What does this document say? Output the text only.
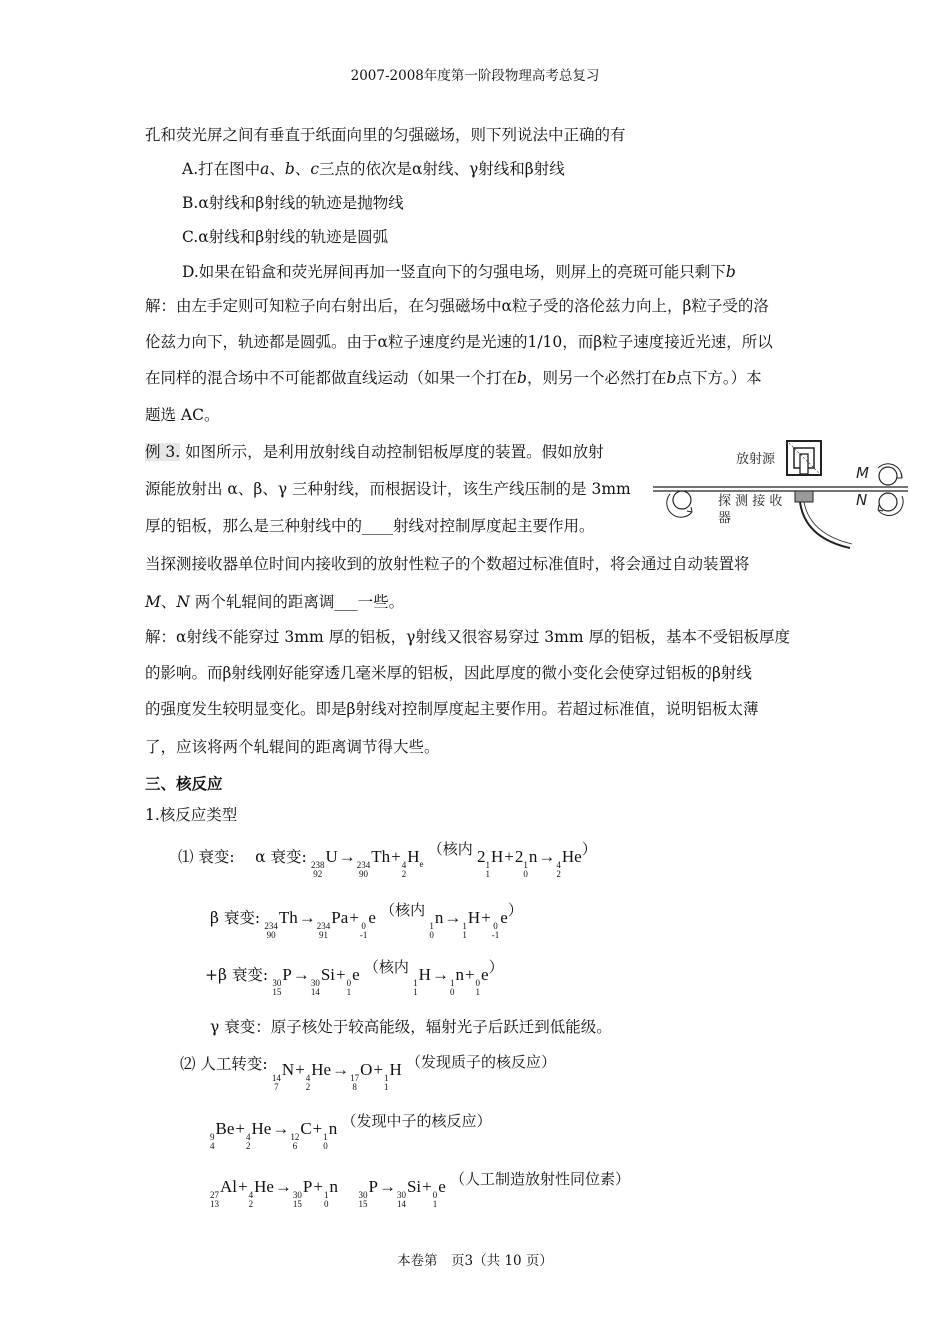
2007-2008年度第一阶段物理高考总复习
孔和荧光屏之间有垂直于纸面向里的匀强磁场，则下列说法中正确的有
A.打在图中a、b、c三点的依次是α射线、γ射线和β射线
B.α射线和β射线的轨迹是抛物线
C.α射线和β射线的轨迹是圆弧
D.如果在铅盒和荧光屏间再加一竖直向下的匀强电场，则屏上的亮斑可能只剩下b
解：由左手定则可知粒子向右射出后，在匀强磁场中α粒子受的洛伦兹力向上，β粒子受的洛
伦兹力向下，轨迹都是圆弧。由于α粒子速度约是光速的1/10，而β粒子速度接近光速，所以
在同样的混合场中不可能都做直线运动（如果一个打在b，则另一个必然打在b点下方。）本
题选 AC。
例 3. 如图所示，是利用放射线自动控制铝板厚度的装置。假如放射
源能放射出 α、β、γ 三种射线，而根据设计，该生产线压制的是 3mm
厚的铝板，那么是三种射线中的____射线对控制厚度起主要作用。
当探测接收器单位时间内接收到的放射性粒子的个数超过标准值时，将会通过自动装置将
M、N 两个轧辊间的距离调___一些。
解：α射线不能穿过 3mm 厚的铝板，γ射线又很容易穿过 3mm 厚的铝板，基本不受铝板厚度
的影响。而β射线刚好能穿透几毫米厚的铝板，因此厚度的微小变化会使穿过铝板的β射线
的强度发生较明显变化。即是β射线对控制厚度起主要作用。若超过标准值，说明铝板太薄
了，应该将两个轧辊间的距离调节得大些。
三、核反应
1.核反应类型
放射源
探 测 接 收
器
M
N
⑴ 衰变:　 α 衰变: 238
92
U→ 234
90
Th+ 4
2
$H_e$ （核内 2 1
1
H+2 1
0
n→ 4
2
He）
β 衰变: 234
90
Th→ 234
91
Pa+ 0
-1
e （核内
1
0
n→ 1
1
H+ 0
-1
e）
+β 衰变: 30
15
P→ 30
14
Si+ 0
1
e （核内
1
1
H→ 1
0
n+ 0
1
e）
γ 衰变：原子核处于较高能级，辐射光子后跃迁到低能级。
⑵ 人工转变:
14
7
N+ 4
2
He→ 17
8
O+ 1
1
H （发现质子的核反应）
9
4
Be+ 4
2
He→ 12
6
C+ 1
0
n （发现中子的核反应）
27
13
Al+ 4
2
He→ 30
15
P+ 1
0
n 30
15
P→ 30
14
Si+ 0
1
e （人工制造放射性同位素）
本卷第　页3（共 10 页）
